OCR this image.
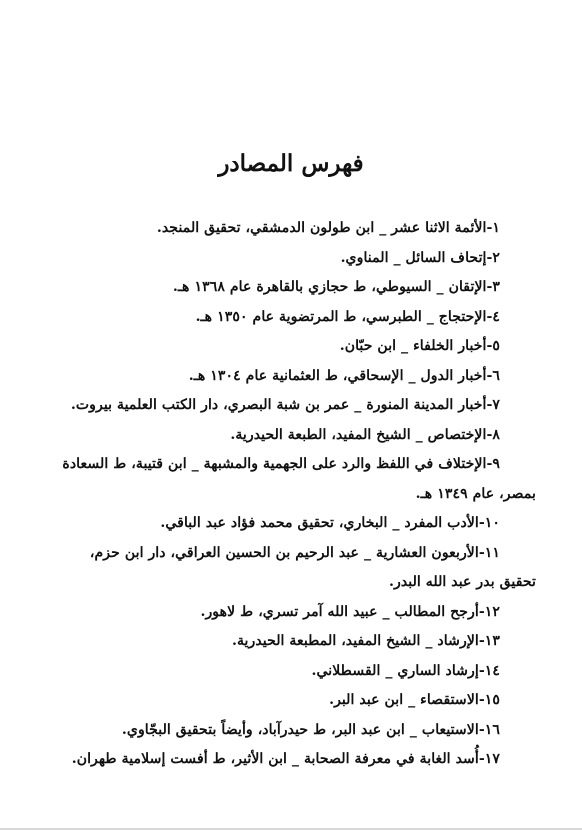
فهرس المصادر
١-الأئمة الاثنا عشر _ ابن طولون الدمشقي، تحقيق المنجد.
٢-إتحاف السائل _ المناوي.
٣-الإتقان _ السيوطي، ط حجازي بالقاهرة عام ١٣٦٨ هـ.
٤-الإحتجاج _ الطبرسي، ط المرتضوية عام ١٣٥٠ هـ.
٥-أخبار الخلفاء _ ابن حبّان.
٦-أخبار الدول _ الإسحاقي، ط العثمانية عام ١٣٠٤ هـ.
٧-أخبار المدينة المنورة _ عمر بن شبة البصري، دار الكتب العلمية بيروت.
٨-الإختصاص _ الشيخ المفيد، الطبعة الحيدرية.
٩-الإختلاف في اللفظ والرد على الجهمية والمشبهة _ ابن قتيبة، ط السعادة
بمصر، عام ١٣٤٩ هـ.
١٠-الأدب المفرد _ البخاري، تحقيق محمد فؤاد عبد الباقي.
١١-الأربعون العشارية _ عبد الرحيم بن الحسين العراقي، دار ابن حزم،
تحقيق بدر عبد الله البدر.
١٢-أرجح المطالب _ عبيد الله آمر تسري، ط لاهور.
١٣-الإرشاد _ الشيخ المفيد، المطبعة الحيدرية.
١٤-إرشاد الساري _ القسطلاني.
١٥-الاستقصاء _ ابن عبد البر.
١٦-الاستيعاب _ ابن عبد البر، ط حيدرآباد، وأيضاً بتحقيق البجّاوي.
١٧-أُسد الغابة في معرفة الصحابة _ ابن الأثير، ط أفست إسلامية طهران.
